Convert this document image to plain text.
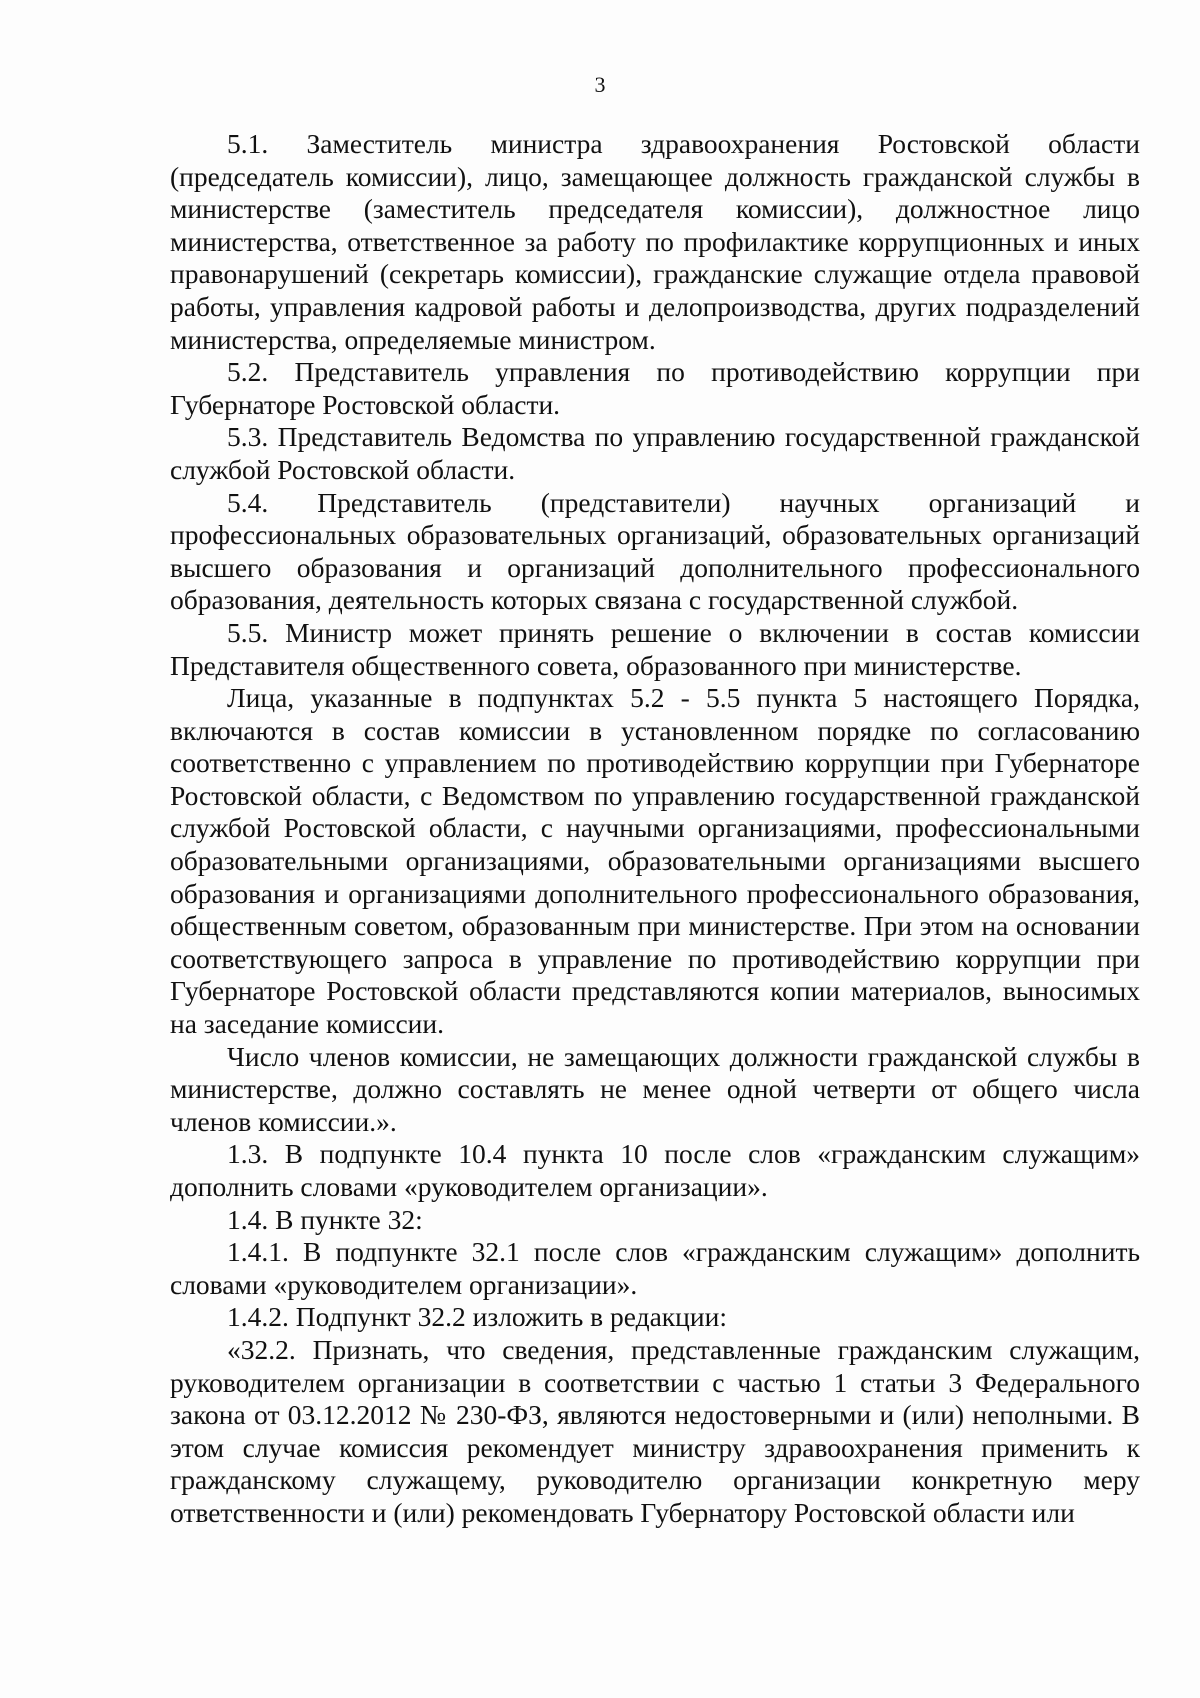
3

5.1. Заместитель министра здравоохранения Ростовской области (председатель комиссии), лицо, замещающее должность гражданской службы в министерстве (заместитель председателя комиссии), должностное лицо министерства, ответственное за работу по профилактике коррупционных и иных правонарушений (секретарь комиссии), гражданские служащие отдела правовой работы, управления кадровой работы и делопроизводства, других подразделений министерства, определяемые министром.

5.2. Представитель управления по противодействию коррупции при Губернаторе Ростовской области.

5.3. Представитель Ведомства по управлению государственной гражданской службой Ростовской области.

5.4. Представитель (представители) научных организаций и профессиональных образовательных организаций, образовательных организаций высшего образования и организаций дополнительного профессионального образования, деятельность которых связана с государственной службой.

5.5. Министр может принять решение о включении в состав комиссии Представителя общественного совета, образованного при министерстве.

Лица, указанные в подпунктах 5.2 - 5.5 пункта 5 настоящего Порядка, включаются в состав комиссии в установленном порядке по согласованию соответственно с управлением по противодействию коррупции при Губернаторе Ростовской области, с Ведомством по управлению государственной гражданской службой Ростовской области, с научными организациями, профессиональными образовательными организациями, образовательными организациями высшего образования и организациями дополнительного профессионального образования, общественным советом, образованным при министерстве. При этом на основании соответствующего запроса в управление по противодействию коррупции при Губернаторе Ростовской области представляются копии материалов, выносимых на заседание комиссии.

Число членов комиссии, не замещающих должности гражданской службы в министерстве, должно составлять не менее одной четверти от общего числа членов комиссии.».

1.3. В подпункте 10.4 пункта 10 после слов «гражданским служащим» дополнить словами «руководителем организации».

1.4. В пункте 32:

1.4.1. В подпункте 32.1 после слов «гражданским служащим» дополнить словами «руководителем организации».

1.4.2. Подпункт 32.2 изложить в редакции:

«32.2. Признать, что сведения, представленные гражданским служащим, руководителем организации в соответствии с частью 1 статьи 3 Федерального закона от 03.12.2012 № 230-ФЗ, являются недостоверными и (или) неполными. В этом случае комиссия рекомендует министру здравоохранения применить к гражданскому служащему, руководителю организации конкретную меру ответственности и (или) рекомендовать Губернатору Ростовской области или
